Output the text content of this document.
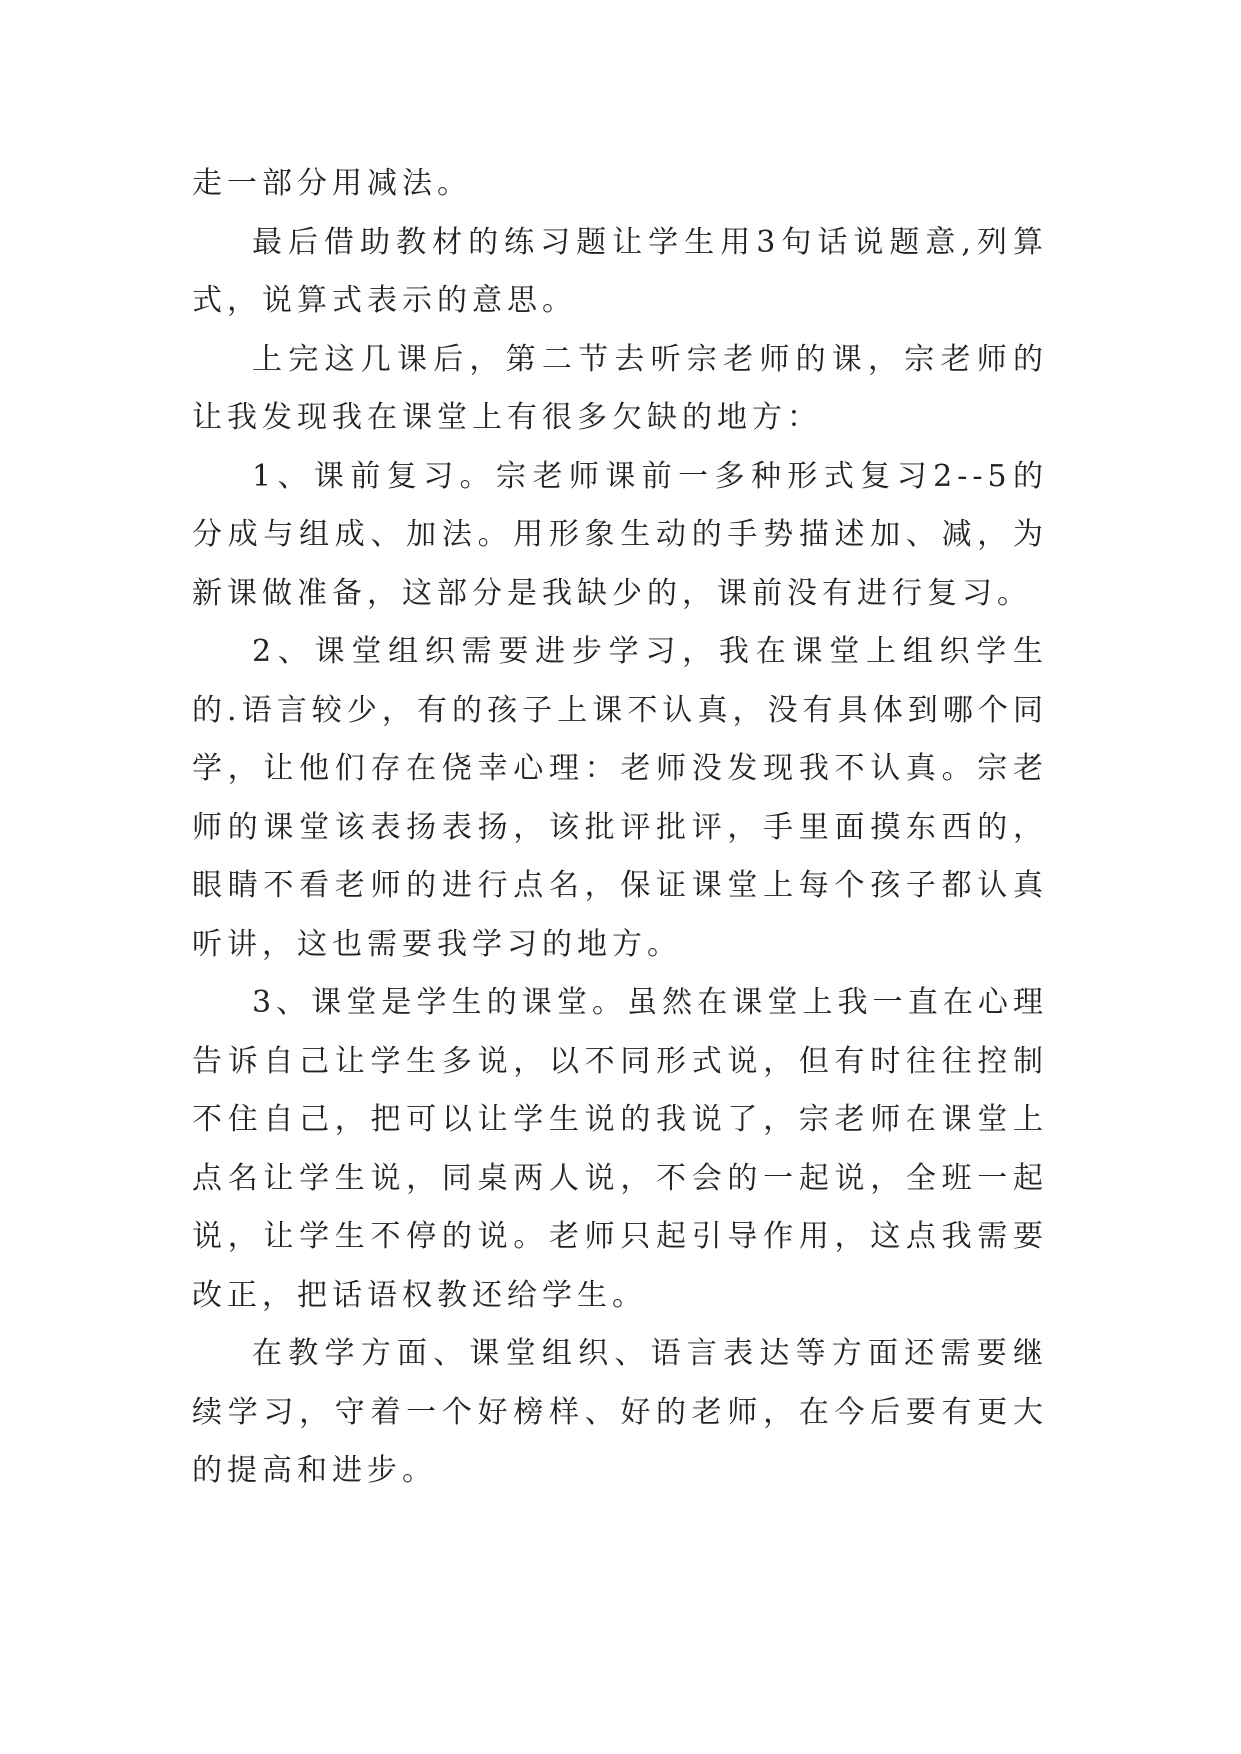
走一部分用减法。

最后借助教材的练习题让学生用3句话说题意,列算式，说算式表示的意思。

上完这几课后，第二节去听宗老师的课，宗老师的让我发现我在课堂上有很多欠缺的地方：

1、课前复习。宗老师课前一多种形式复习2--5的分成与组成、加法。用形象生动的手势描述加、减，为新课做准备，这部分是我缺少的，课前没有进行复习。

2、课堂组织需要进步学习，我在课堂上组织学生的.语言较少，有的孩子上课不认真，没有具体到哪个同学，让他们存在侥幸心理：老师没发现我不认真。宗老师的课堂该表扬表扬，该批评批评，手里面摸东西的，眼睛不看老师的进行点名，保证课堂上每个孩子都认真听讲，这也需要我学习的地方。

3、课堂是学生的课堂。虽然在课堂上我一直在心理告诉自己让学生多说，以不同形式说，但有时往往控制不住自己，把可以让学生说的我说了，宗老师在课堂上点名让学生说，同桌两人说，不会的一起说，全班一起说，让学生不停的说。老师只起引导作用，这点我需要改正，把话语权教还给学生。

在教学方面、课堂组织、语言表达等方面还需要继续学习，守着一个好榜样、好的老师，在今后要有更大的提高和进步。
